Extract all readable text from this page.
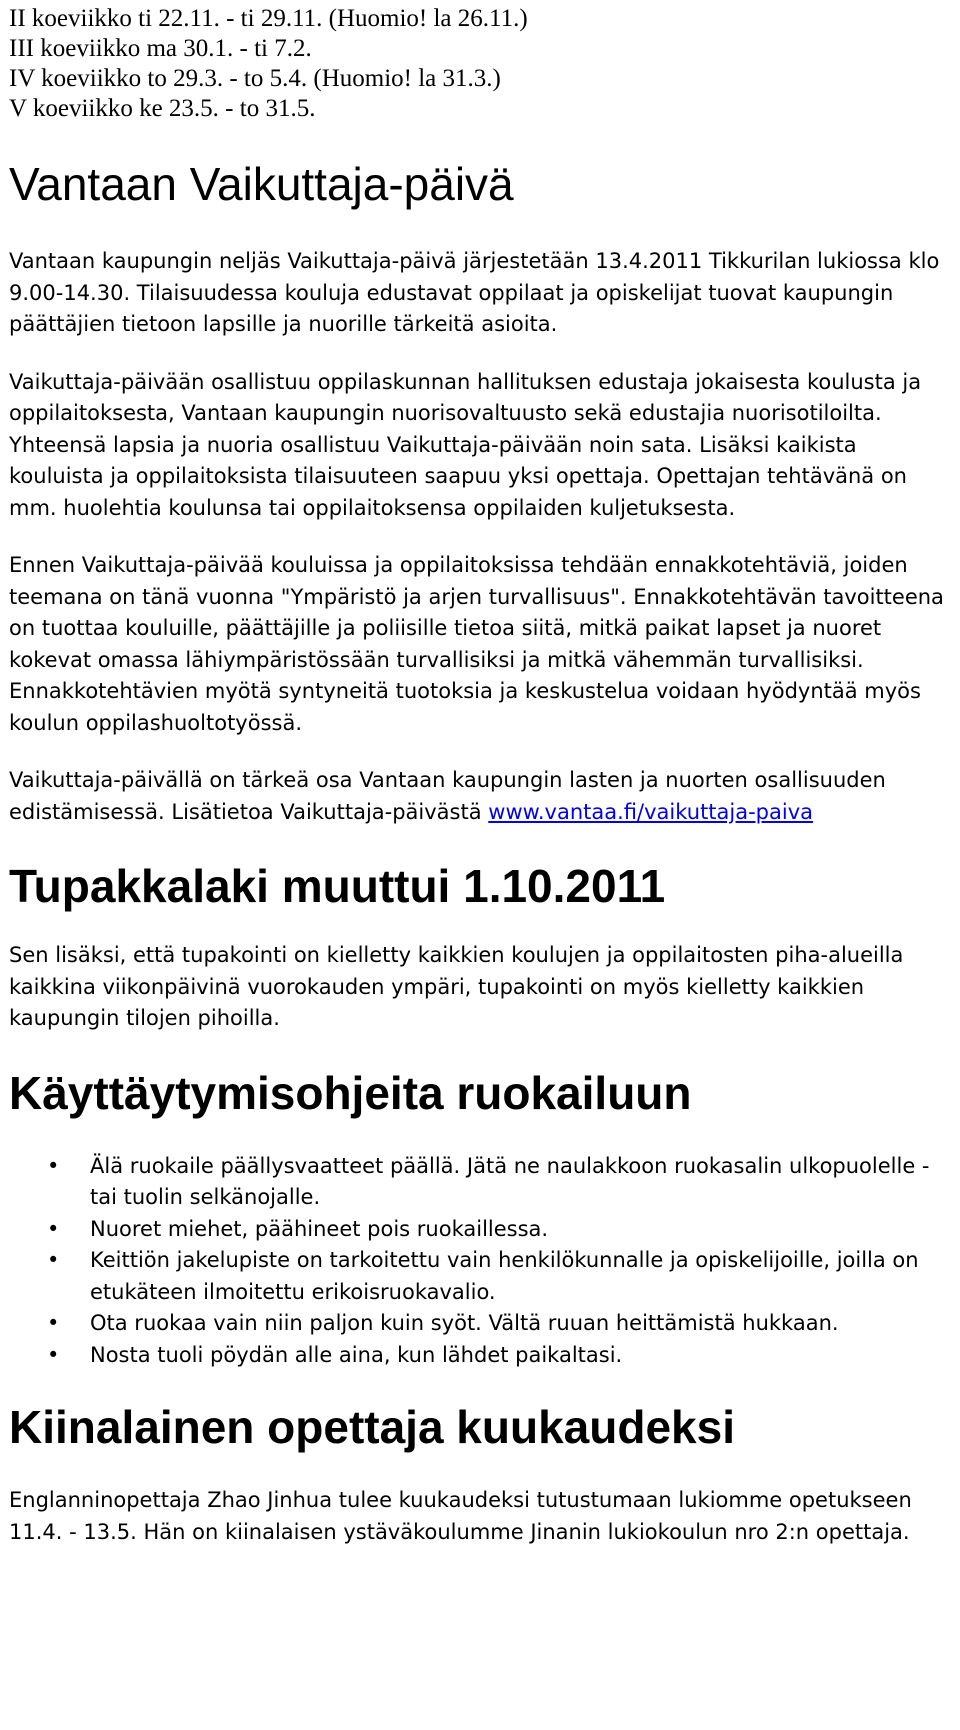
II koeviikko ti 22.11. - ti 29.11. (Huomio! la 26.11.)
III koeviikko ma 30.1. - ti 7.2.
IV koeviikko to 29.3. - to 5.4. (Huomio! la 31.3.)
V koeviikko ke 23.5. - to 31.5.
Vantaan Vaikuttaja-päivä

Vantaan kaupungin neljäs Vaikuttaja-päivä järjestetään 13.4.2011 Tikkurilan lukiossa klo 9.00-14.30. Tilaisuudessa kouluja edustavat oppilaat ja opiskelijat tuovat kaupungin päättäjien tietoon lapsille ja nuorille tärkeitä asioita.

Vaikuttaja-päivään osallistuu oppilaskunnan hallituksen edustaja jokaisesta koulusta ja oppilaitoksesta, Vantaan kaupungin nuorisovaltuusto sekä edustajia nuorisotiloilta. Yhteensä lapsia ja nuoria osallistuu Vaikuttaja-päivään noin sata. Lisäksi kaikista kouluista ja oppilaitoksista tilaisuuteen saapuu yksi opettaja. Opettajan tehtävänä on mm. huolehtia koulunsa tai oppilaitoksensa oppilaiden kuljetuksesta.

Ennen Vaikuttaja-päivää kouluissa ja oppilaitoksissa tehdään ennakkotehtäviä, joiden teemana on tänä vuonna "Ympäristö ja arjen turvallisuus". Ennakkotehtävän tavoitteena on tuottaa kouluille, päättäjille ja poliisille tietoa siitä, mitkä paikat lapset ja nuoret kokevat omassa lähiympäristössään turvallisiksi ja mitkä vähemmän turvallisiksi. Ennakkotehtävien myötä syntyneitä tuotoksia ja keskustelua voidaan hyödyntää myös koulun oppilashuoltotyössä.

Vaikuttaja-päivällä on tärkeä osa Vantaan kaupungin lasten ja nuorten osallisuuden edistämisessä. Lisätietoa Vaikuttaja-päivästä www.vantaa.fi/vaikuttaja-paiva

Tupakkalaki muuttui 1.10.2011

Sen lisäksi, että tupakointi on kielletty kaikkien koulujen ja oppilaitosten piha-alueilla kaikkina viikonpäivinä vuorokauden ympäri, tupakointi on myös kielletty kaikkien kaupungin tilojen pihoilla.

Käyttäytymisohjeita ruokailuun
• Älä ruokaile päällysvaatteet päällä. Jätä ne naulakkoon ruokasalin ulkopuolelle - tai tuolin selkänojalle.
• Nuoret miehet, päähineet pois ruokaillessa.
• Keittiön jakelupiste on tarkoitettu vain henkilökunnalle ja opiskelijoille, joilla on etukäteen ilmoitettu erikoisruokavalio.
• Ota ruokaa vain niin paljon kuin syöt. Vältä ruuan heittämistä hukkaan.
• Nosta tuoli pöydän alle aina, kun lähdet paikaltasi.
Kiinalainen opettaja kuukaudeksi

Englanninopettaja Zhao Jinhua tulee kuukaudeksi tutustumaan lukiomme opetukseen 11.4. - 13.5. Hän on kiinalaisen ystäväkoulumme Jinanin lukiokoulun nro 2:n opettaja.
